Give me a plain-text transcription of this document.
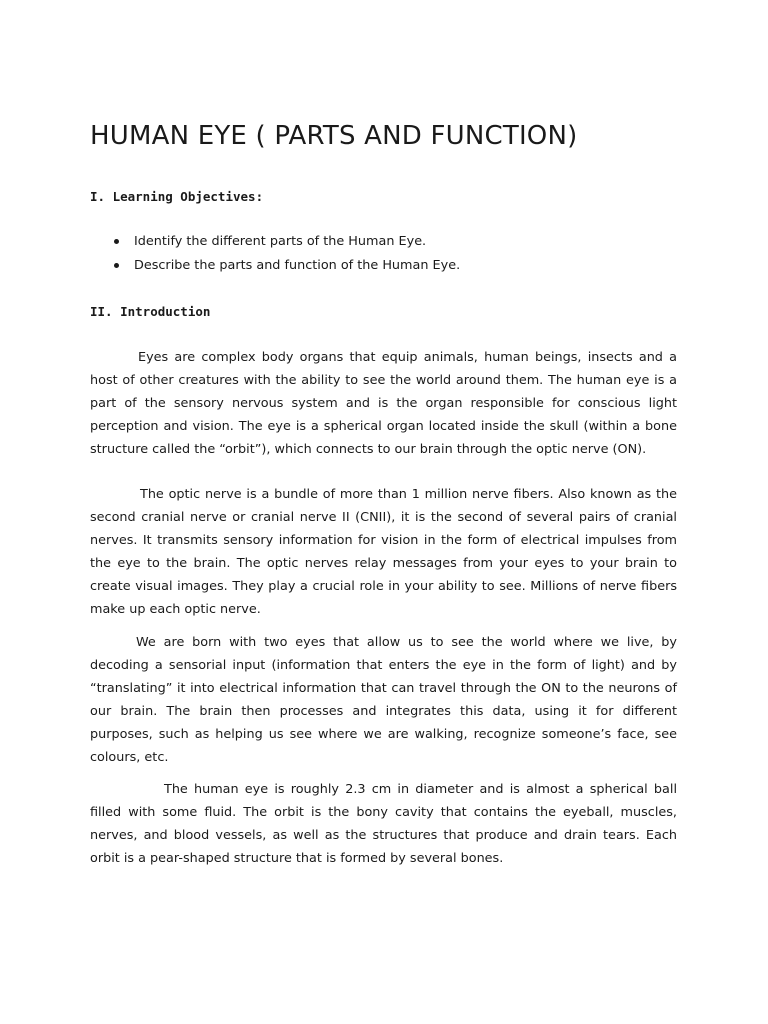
HUMAN EYE ( PARTS AND FUNCTION)
I. Learning Objectives:
Identify the different parts of the Human Eye.
Describe the parts and function of the Human Eye.
II. Introduction

Eyes are complex body organs that equip animals, human beings, insects and a host of other creatures with the ability to see the world around them. The human eye is a part of the sensory nervous system and is the organ responsible for conscious light perception and vision. The eye is a spherical organ located inside the skull (within a bone structure called the “orbit”), which connects to our brain through the optic nerve (ON).

The optic nerve is a bundle of more than 1 million nerve fibers. Also known as the second cranial nerve or cranial nerve II (CNII), it is the second of several pairs of cranial nerves. It transmits sensory information for vision in the form of electrical impulses from the eye to the brain. The optic nerves relay messages from your eyes to your brain to create visual images. They play a crucial role in your ability to see. Millions of nerve fibers make up each optic nerve.

We are born with two eyes that allow us to see the world where we live, by decoding a sensorial input (information that enters the eye in the form of light) and by “translating” it into electrical information that can travel through the ON to the neurons of our brain. The brain then processes and integrates this data, using it for different purposes, such as helping us see where we are walking, recognize someone’s face, see colours, etc.

The human eye is roughly 2.3 cm in diameter and is almost a spherical ball filled with some fluid. The orbit is the bony cavity that contains the eyeball, muscles, nerves, and blood vessels, as well as the structures that produce and drain tears. Each orbit is a pear-shaped structure that is formed by several bones.
